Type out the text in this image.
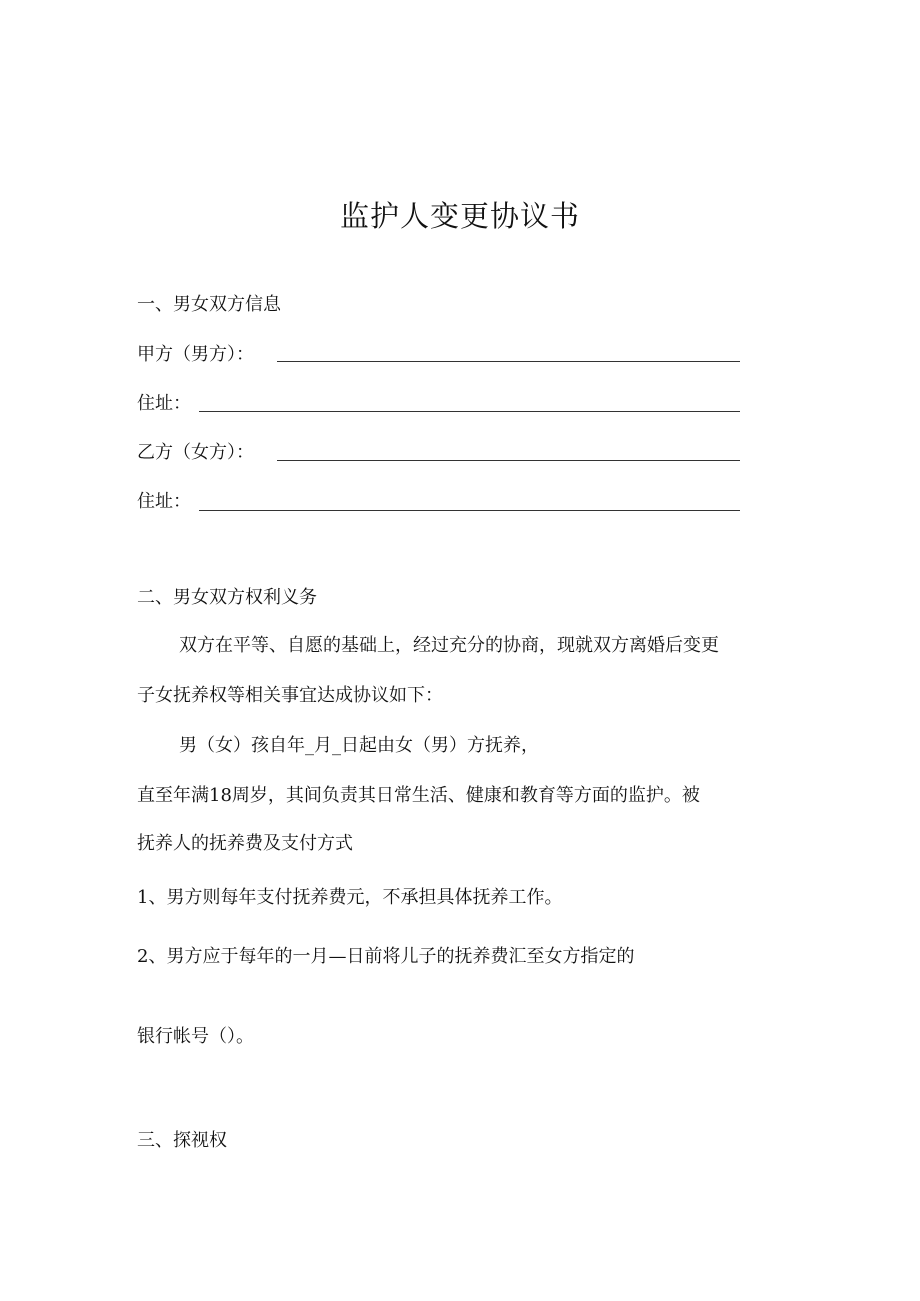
监护人变更协议书
一、男女双方信息
甲方（男方）：
住址：
乙方（女方）：
住址：
二、男女双方权利义务
双方在平等、自愿的基础上，经过充分的协商，现就双方离婚后变更
子女抚养权等相关事宜达成协议如下：
男（女）孩自年_月_日起由女（男）方抚养，
直至年满18周岁，其间负责其日常生活、健康和教育等方面的监护。被
抚养人的抚养费及支付方式
1、男方则每年支付抚养费元，不承担具体抚养工作。
2、男方应于每年的一月—日前将儿子的抚养费汇至女方指定的
银行帐号（）。
三、探视权
